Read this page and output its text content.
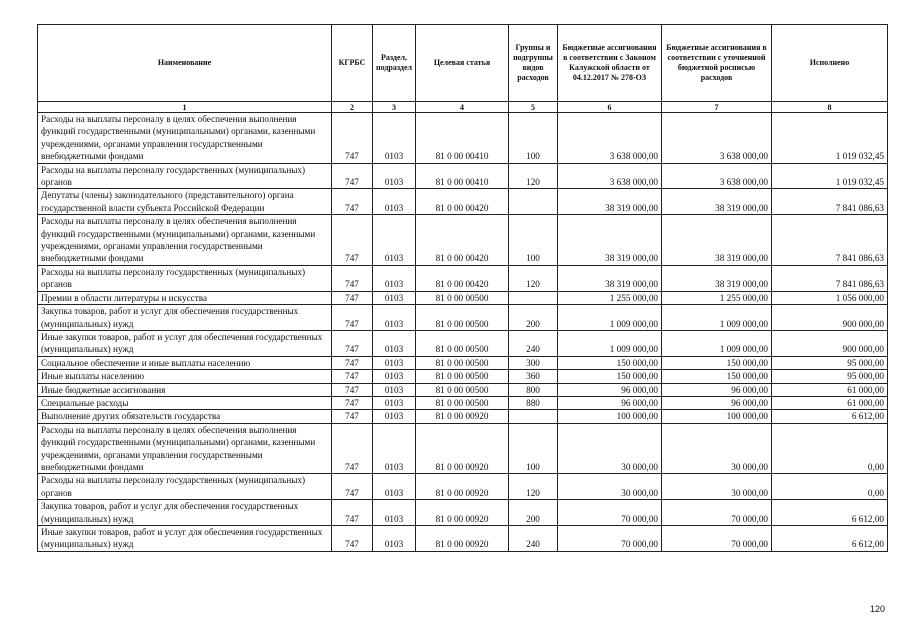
Наименование	КГРБС	Раздел, подраздел	Целевая статья	Группы и подгруппы видов расходов	Бюджетные ассигнования в соответствии с Законом Калужской области от 04.12.2017 № 278-ОЗ	Бюджетные ассигнования в соответствии с уточненной бюджетной росписью расходов	Исполнено
1	2	3	4	5	6	7	8
Расходы на выплаты персоналу в целях обеспечения выполнения функций государственными (муниципальными) органами, казенными учреждениями, органами управления государственными внебюджетными фондами	747	0103	81 0 00 00410	100	3 638 000,00	3 638 000,00	1 019 032,45
Расходы на выплаты персоналу государственных (муниципальных) органов	747	0103	81 0 00 00410	120	3 638 000,00	3 638 000,00	1 019 032,45
Депутаты (члены) законодательного (представительного) органа государственной власти субъекта Российской Федерации	747	0103	81 0 00 00420		38 319 000,00	38 319 000,00	7 841 086,63
Расходы на выплаты персоналу в целях обеспечения выполнения функций государственными (муниципальными) органами, казенными учреждениями, органами управления государственными внебюджетными фондами	747	0103	81 0 00 00420	100	38 319 000,00	38 319 000,00	7 841 086,63
Расходы на выплаты персоналу государственных (муниципальных) органов	747	0103	81 0 00 00420	120	38 319 000,00	38 319 000,00	7 841 086,63
Премии в области литературы и искусства	747	0103	81 0 00 00500		1 255 000,00	1 255 000,00	1 056 000,00
Закупка товаров, работ и услуг для обеспечения государственных (муниципальных) нужд	747	0103	81 0 00 00500	200	1 009 000,00	1 009 000,00	900 000,00
Иные закупки товаров, работ и услуг для обеспечения государственных (муниципальных) нужд	747	0103	81 0 00 00500	240	1 009 000,00	1 009 000,00	900 000,00
Социальное обеспечение и иные выплаты населению	747	0103	81 0 00 00500	300	150 000,00	150 000,00	95 000,00
Иные выплаты населению	747	0103	81 0 00 00500	360	150 000,00	150 000,00	95 000,00
Иные бюджетные ассигнования	747	0103	81 0 00 00500	800	96 000,00	96 000,00	61 000,00
Специальные расходы	747	0103	81 0 00 00500	880	96 000,00	96 000,00	61 000,00
Выполнение других обязательств государства	747	0103	81 0 00 00920		100 000,00	100 000,00	6 612,00
Расходы на выплаты персоналу в целях обеспечения выполнения функций государственными (муниципальными) органами, казенными учреждениями, органами управления государственными внебюджетными фондами	747	0103	81 0 00 00920	100	30 000,00	30 000,00	0,00
Расходы на выплаты персоналу государственных (муниципальных) органов	747	0103	81 0 00 00920	120	30 000,00	30 000,00	0,00
Закупка товаров, работ и услуг для обеспечения государственных (муниципальных) нужд	747	0103	81 0 00 00920	200	70 000,00	70 000,00	6 612,00
Иные закупки товаров, работ и услуг для обеспечения государственных (муниципальных) нужд	747	0103	81 0 00 00920	240	70 000,00	70 000,00	6 612,00
120
